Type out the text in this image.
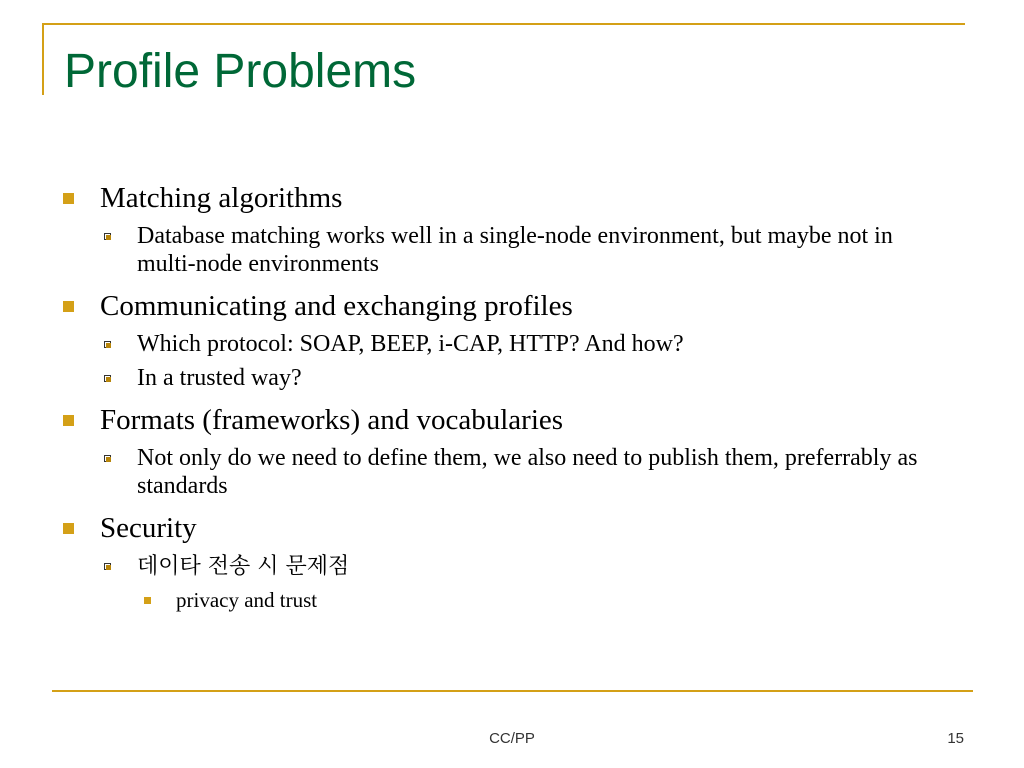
Profile Problems
Matching algorithms
Database matching works well in a single-node environment, but maybe not in multi-node environments
Communicating and exchanging profiles
Which protocol: SOAP, BEEP, i-CAP, HTTP? And how?
In a trusted way?
Formats (frameworks) and vocabularies
Not only do we need to define them, we also need to publish them, preferrably as standards
Security
데이타 전송 시 문제점
privacy and trust
CC/PP	15
